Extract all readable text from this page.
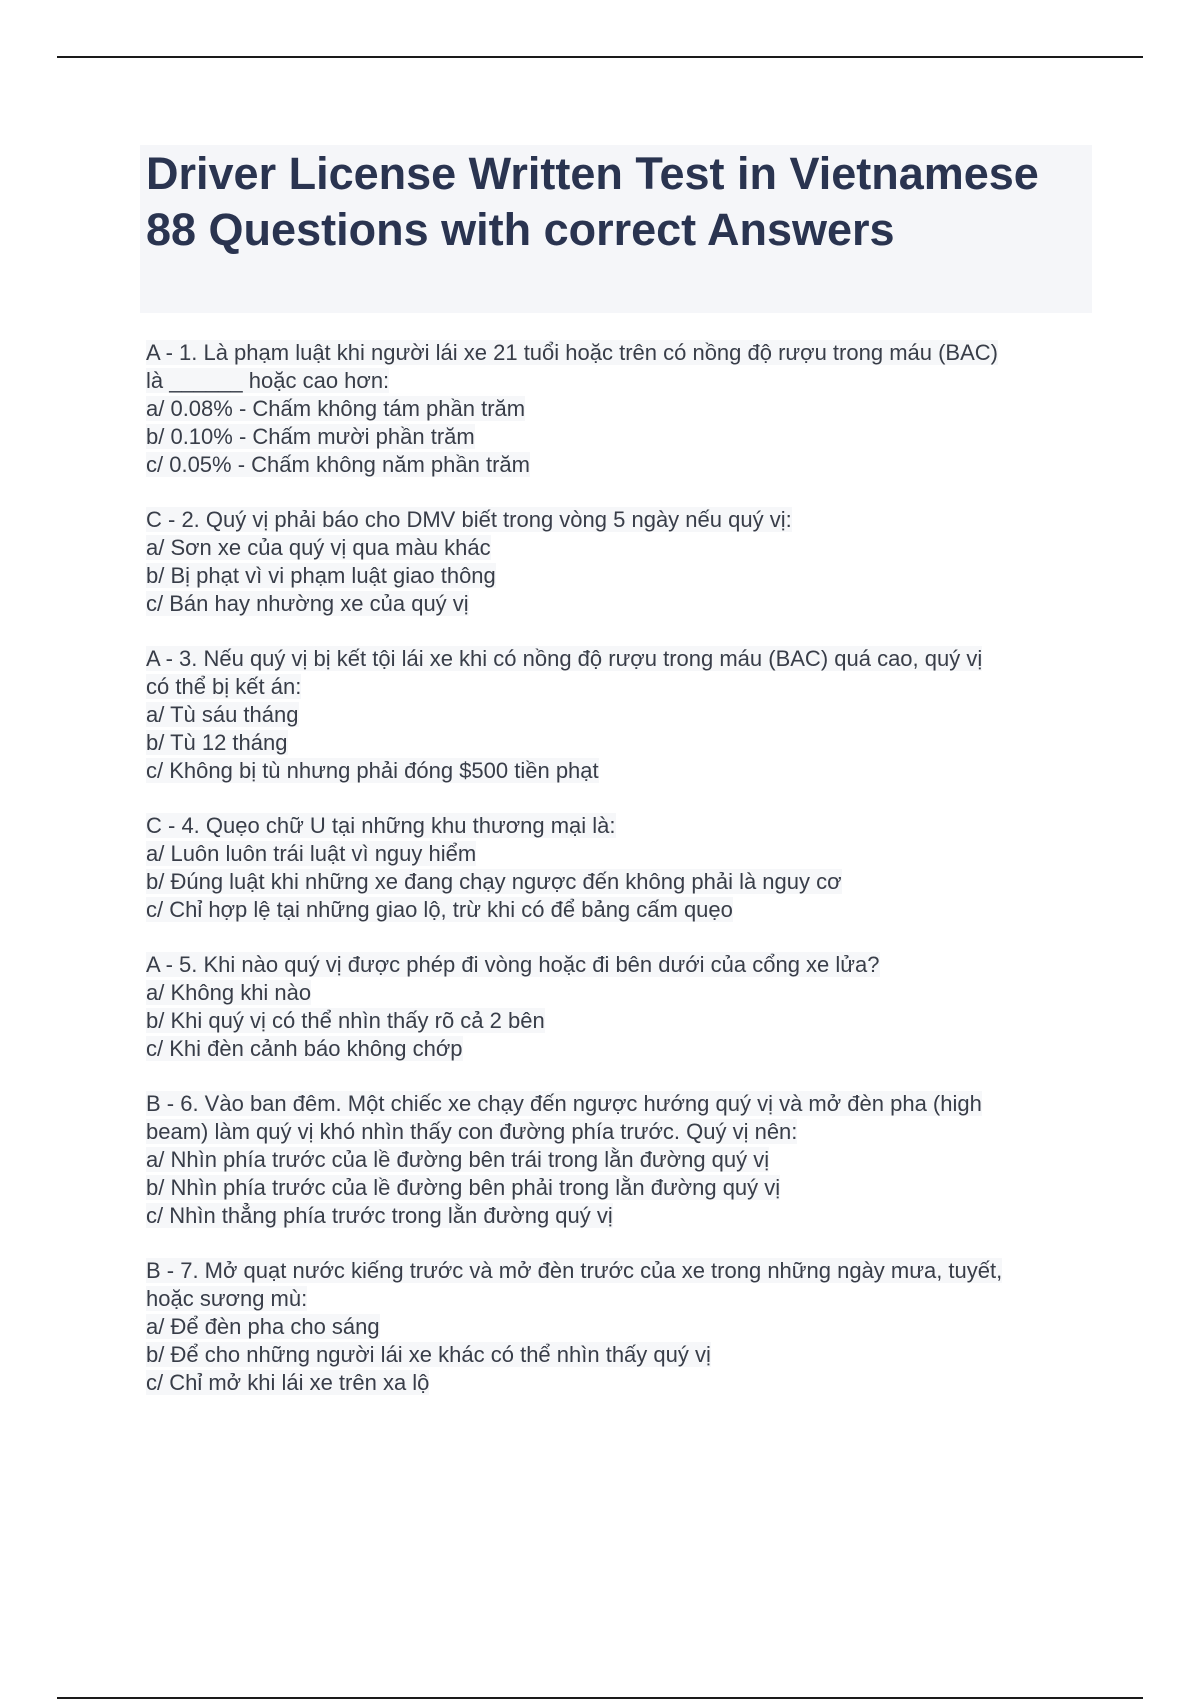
Driver License Written Test in Vietnamese 88 Questions with correct Answers
A - 1. Là phạm luật khi người lái xe 21 tuổi hoặc trên có nồng độ rượu trong máu (BAC)
là ______ hoặc cao hơn:
a/ 0.08% - Chấm không tám phần trăm
b/ 0.10% - Chấm mười phần trăm
c/ 0.05% - Chấm không năm phần trăm
C - 2. Quý vị phải báo cho DMV biết trong vòng 5 ngày nếu quý vị:
a/ Sơn xe của quý vị qua màu khác
b/ Bị phạt vì vi phạm luật giao thông
c/ Bán hay nhường xe của quý vị
A - 3. Nếu quý vị bị kết tội lái xe khi có nồng độ rượu trong máu (BAC) quá cao, quý vị
có thể bị kết án:
a/ Tù sáu tháng
b/ Tù 12 tháng
c/ Không bị tù nhưng phải đóng $500 tiền phạt
C - 4. Quẹo chữ U tại những khu thương mại là:
a/ Luôn luôn trái luật vì nguy hiểm
b/ Đúng luật khi những xe đang chạy ngược đến không phải là nguy cơ
c/ Chỉ hợp lệ tại những giao lộ, trừ khi có để bảng cấm quẹo
A - 5. Khi nào quý vị được phép đi vòng hoặc đi bên dưới của cổng xe lửa?
a/ Không khi nào
b/ Khi quý vị có thể nhìn thấy rõ cả 2 bên
c/ Khi đèn cảnh báo không chớp
B - 6. Vào ban đêm. Một chiếc xe chạy đến ngược hướng quý vị và mở đèn pha (high
beam) làm quý vị khó nhìn thấy con đường phía trước. Quý vị nên:
a/ Nhìn phía trước của lề đường bên trái trong lằn đường quý vị
b/ Nhìn phía trước của lề đường bên phải trong lằn đường quý vị
c/ Nhìn thẳng phía trước trong lằn đường quý vị
B - 7. Mở quạt nước kiếng trước và mở đèn trước của xe trong những ngày mưa, tuyết,
hoặc sương mù:
a/ Để đèn pha cho sáng
b/ Để cho những người lái xe khác có thể nhìn thấy quý vị
c/ Chỉ mở khi lái xe trên xa lộ
